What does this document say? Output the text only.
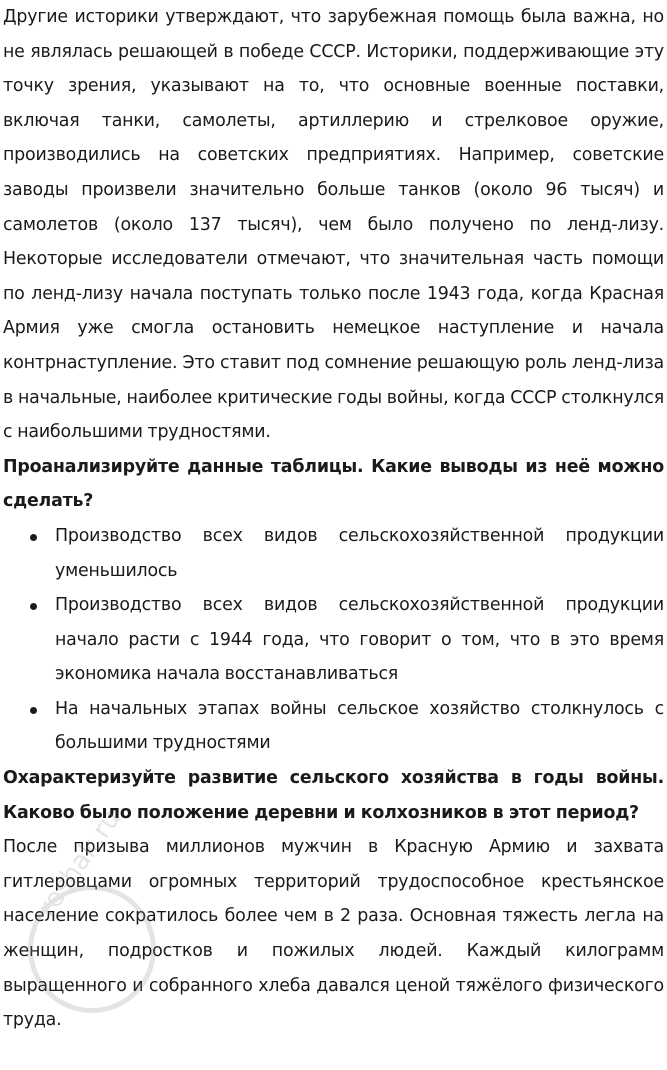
Другие историки утверждают, что зарубежная помощь была важна, но не являлась решающей в победе СССР. Историки, поддерживающие эту точку зрения, указывают на то, что основные военные поставки, включая танки, самолеты, артиллерию и стрелковое оружие, производились на советских предприятиях. Например, советские заводы произвели значительно больше танков (около 96 тысяч) и самолетов (около 137 тысяч), чем было получено по ленд-лизу. Некоторые исследователи отмечают, что значительная часть помощи по ленд-лизу начала поступать только после 1943 года, когда Красная Армия уже смогла остановить немецкое наступление и начала контрнаступление. Это ставит под сомнение решающую роль ленд-лиза в начальные, наиболее критические годы войны, когда СССР столкнулся с наибольшими трудностями.

Проанализируйте данные таблицы. Какие выводы из неё можно сделать?

Производство всех видов сельскохозяйственной продукции уменьшилось
Производство всех видов сельскохозяйственной продукции начало расти с 1944 года, что говорит о том, что в это время экономика начала восстанавливаться
На начальных этапах войны сельское хозяйство столкнулось с большими трудностями

Охарактеризуйте развитие сельского хозяйства в годы войны. Каково было положение деревни и колхозников в этот период?

После призыва миллионов мужчин в Красную Армию и захвата гитлеровцами огромных территорий трудоспособное крестьянское население сократилось более чем в 2 раза. Основная тяжесть легла на женщин, подростков и пожилых людей. Каждый килограмм выращенного и собранного хлеба давался ценой тяжёлого физического труда.

reshak.ru
